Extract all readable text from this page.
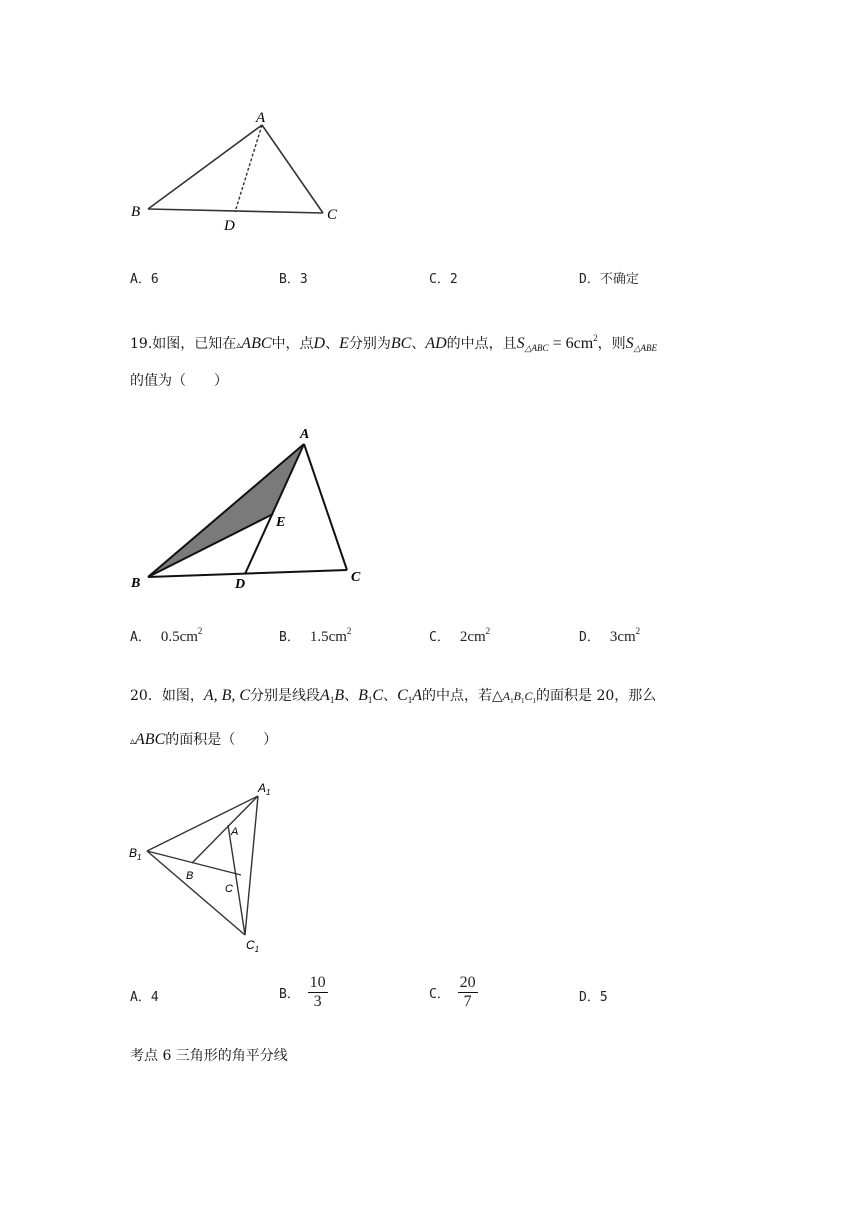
A
B	C
D
A．6	B．3	C．2	D．不确定
19.如图，已知在▵ABC中，点D、E分别为BC、AD的中点，且$S_{\triangle ABC} = 6cm^2$，则$S_{\triangle ABE}$
的值为（　　）
A
B	C
D
E
A． $0.5cm^2$	B． $1.5cm^2$	C． $2cm^2$	D． $3cm^2$
20．如图，A, B, C分别是线段$A_1B$、$B_1C$、$C_1A$的中点，若$\triangle A_1B_1C_1$的面积是 20，那么
▵ABC的面积是（　　）
$A_1$
$B_1$
$C_1$
A
B
C
A．4	B． $\frac{10}{3}$	C． $\frac{20}{7}$	D．5
考点 6 三角形的角平分线
